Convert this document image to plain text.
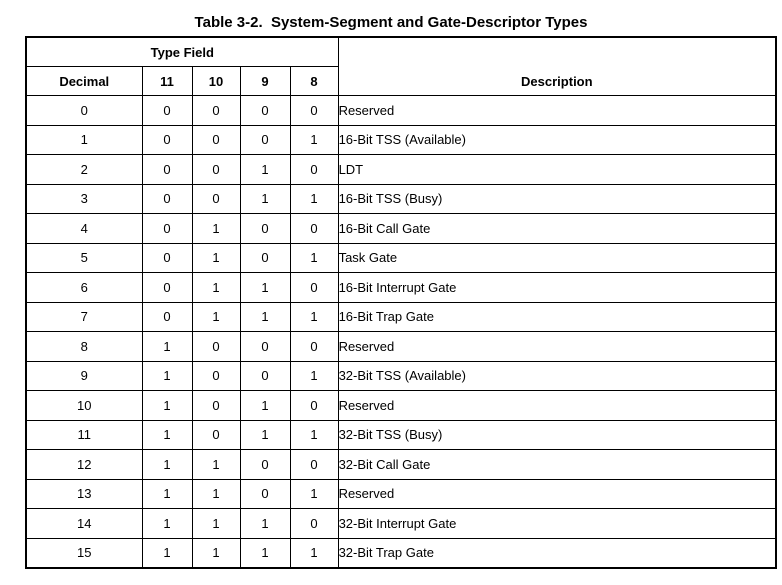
Table 3-2.  System-Segment and Gate-Descriptor Types
Type Field					Description
Decimal	11	10	9	8	
0	0	0	0	0	Reserved
1	0	0	0	1	16-Bit TSS (Available)
2	0	0	1	0	LDT
3	0	0	1	1	16-Bit TSS (Busy)
4	0	1	0	0	16-Bit Call Gate
5	0	1	0	1	Task Gate
6	0	1	1	0	16-Bit Interrupt Gate
7	0	1	1	1	16-Bit Trap Gate
8	1	0	0	0	Reserved
9	1	0	0	1	32-Bit TSS (Available)
10	1	0	1	0	Reserved
11	1	0	1	1	32-Bit TSS (Busy)
12	1	1	0	0	32-Bit Call Gate
13	1	1	0	1	Reserved
14	1	1	1	0	32-Bit Interrupt Gate
15	1	1	1	1	32-Bit Trap Gate
